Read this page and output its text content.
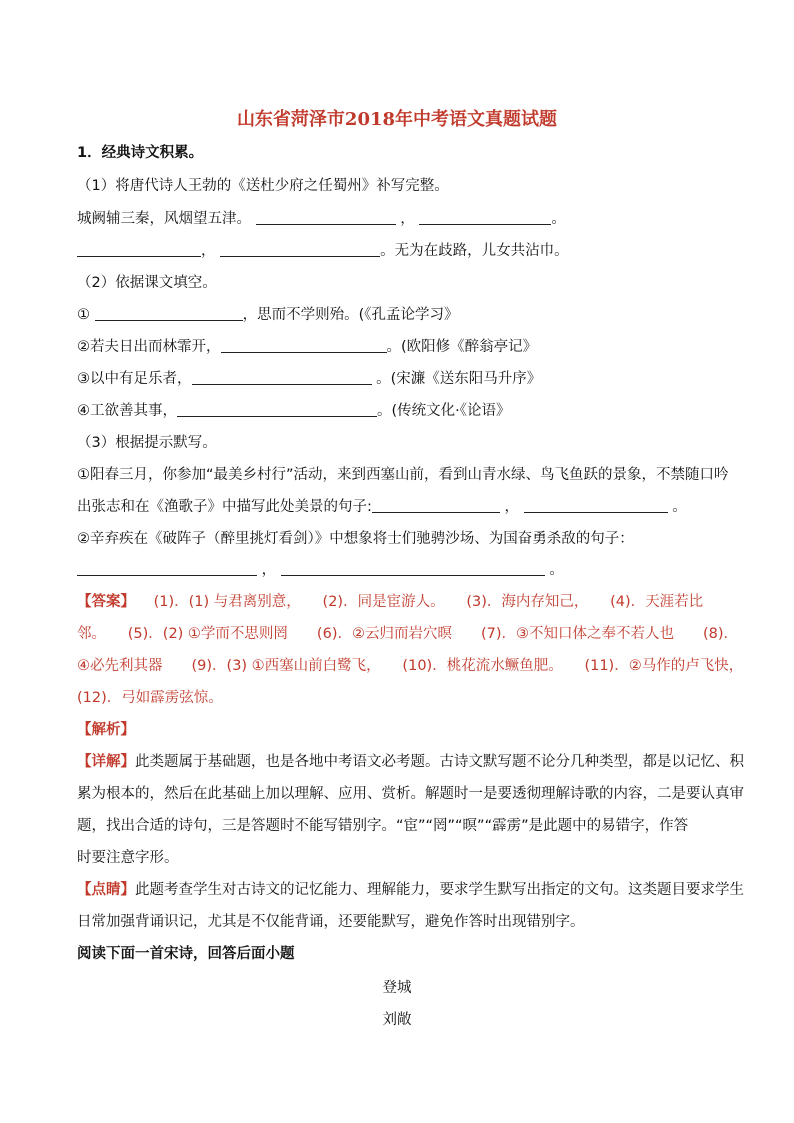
山东省菏泽市2018年中考语文真题试题
1．经典诗文积累。
（1）将唐代诗人王勃的《送杜少府之任蜀州》补写完整。
城阙辅三秦，风烟望五津。	，	。
，	。无为在歧路，儿女共沾巾。
（2）依据课文填空。
①	，思而不学则殆。(《孔孟论学习》
②若夫日出而林霏开，	。(欧阳修《醉翁亭记》
③以中有足乐者，	。(宋濂《送东阳马升序》
④工欲善其事，	。(传统文化·《论语》
（3）根据提示默写。
①阳春三月，你参加“最美乡村行”活动，来到西塞山前，看到山青水绿、鸟飞鱼跃的景象，不禁随口吟
出张志和在《渔歌子》中描写此处美景的句子:	，	。
②辛弃疾在《破阵子（醉里挑灯看剑）》中想象将士们驰骋沙场、为国奋勇杀敌的句子：
，	。
【答案】 (1)．(1) 与君离别意，　　(2)．同是宦游人。　　(3)．海内存知己，　　(4)．天涯若比
邻。　　(5)．(2) ①学而不思则罔　　(6)．②云归而岩穴暝　　(7)．③不知口体之奉不若人也　　(8)．
④必先利其器　　(9)．(3) ①西塞山前白鹭飞，　　(10)．桃花流水鳜鱼肥。　　(11)．②马作的卢飞快，
(12)．弓如霹雳弦惊。
【解析】
【详解】此类题属于基础题，也是各地中考语文必考题。古诗文默写题不论分几种类型，都是以记忆、积
累为根本的，然后在此基础上加以理解、应用、赏析。解题时一是要透彻理解诗歌的内容，二是要认真审
题，找出合适的诗句，三是答题时不能写错别字。“宦”“罔”“暝”“霹雳”是此题中的易错字，作答
时要注意字形。
【点睛】此题考查学生对古诗文的记忆能力、理解能力，要求学生默写出指定的文句。这类题目要求学生
日常加强背诵识记，尤其是不仅能背诵，还要能默写，避免作答时出现错别字。
阅读下面一首宋诗，回答后面小题
登城
刘敞
